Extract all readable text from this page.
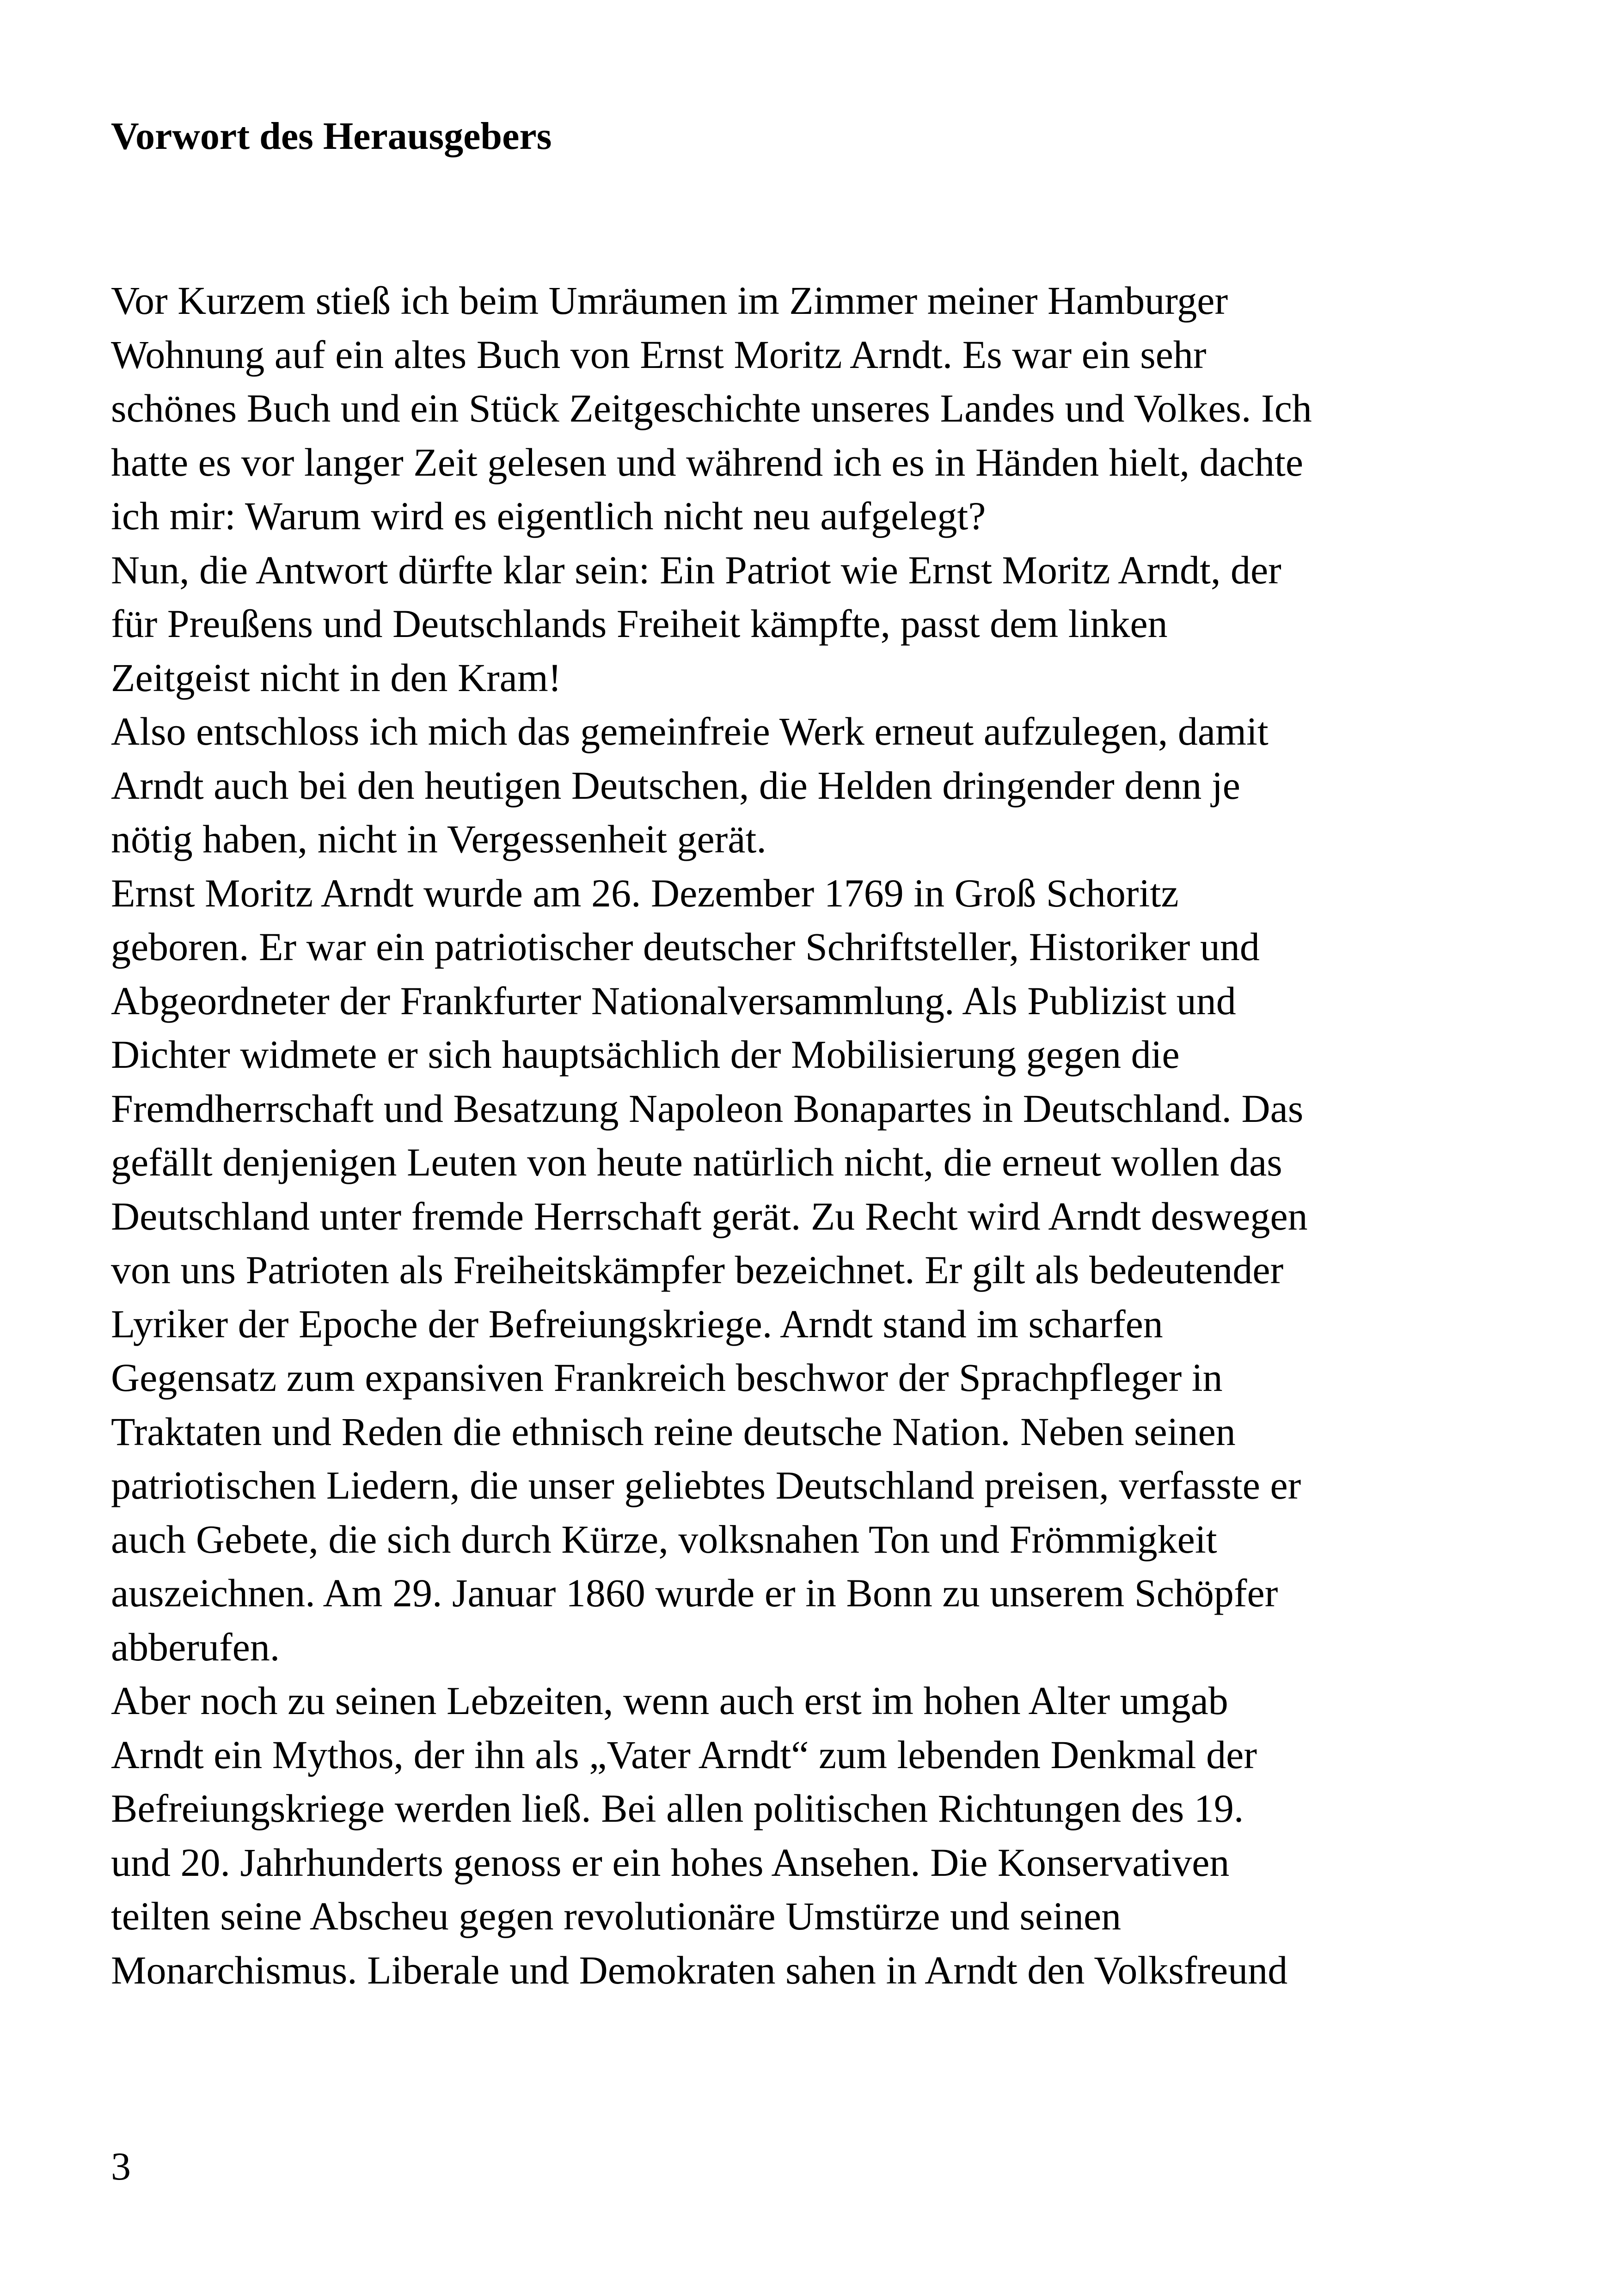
Vorwort des Herausgebers
Vor Kurzem stieß ich beim Umräumen im Zimmer meiner Hamburger
Wohnung auf ein altes Buch von Ernst Moritz Arndt. Es war ein sehr
schönes Buch und ein Stück Zeitgeschichte unseres Landes und Volkes. Ich
hatte es vor langer Zeit gelesen und während ich es in Händen hielt, dachte
ich mir: Warum wird es eigentlich nicht neu aufgelegt?
Nun, die Antwort dürfte klar sein: Ein Patriot wie Ernst Moritz Arndt, der
für Preußens und Deutschlands Freiheit kämpfte, passt dem linken
Zeitgeist nicht in den Kram!
Also entschloss ich mich das gemeinfreie Werk erneut aufzulegen, damit
Arndt auch bei den heutigen Deutschen, die Helden dringender denn je
nötig haben, nicht in Vergessenheit gerät.
Ernst Moritz Arndt wurde am 26. Dezember 1769 in Groß Schoritz
geboren. Er war ein patriotischer deutscher Schriftsteller, Historiker und
Abgeordneter der Frankfurter Nationalversammlung. Als Publizist und
Dichter widmete er sich hauptsächlich der Mobilisierung gegen die
Fremdherrschaft und Besatzung Napoleon Bonapartes in Deutschland. Das
gefällt denjenigen Leuten von heute natürlich nicht, die erneut wollen das
Deutschland unter fremde Herrschaft gerät. Zu Recht wird Arndt deswegen
von uns Patrioten als Freiheitskämpfer bezeichnet. Er gilt als bedeutender
Lyriker der Epoche der Befreiungskriege. Arndt stand im scharfen
Gegensatz zum expansiven Frankreich beschwor der Sprachpfleger in
Traktaten und Reden die ethnisch reine deutsche Nation. Neben seinen
patriotischen Liedern, die unser geliebtes Deutschland preisen, verfasste er
auch Gebete, die sich durch Kürze, volksnahen Ton und Frömmigkeit
auszeichnen. Am 29. Januar 1860 wurde er in Bonn zu unserem Schöpfer
abberufen.
Aber noch zu seinen Lebzeiten, wenn auch erst im hohen Alter umgab
Arndt ein Mythos, der ihn als „Vater Arndt“ zum lebenden Denkmal der
Befreiungskriege werden ließ. Bei allen politischen Richtungen des 19.
und 20. Jahrhunderts genoss er ein hohes Ansehen. Die Konservativen
teilten seine Abscheu gegen revolutionäre Umstürze und seinen
Monarchismus. Liberale und Demokraten sahen in Arndt den Volksfreund
3
